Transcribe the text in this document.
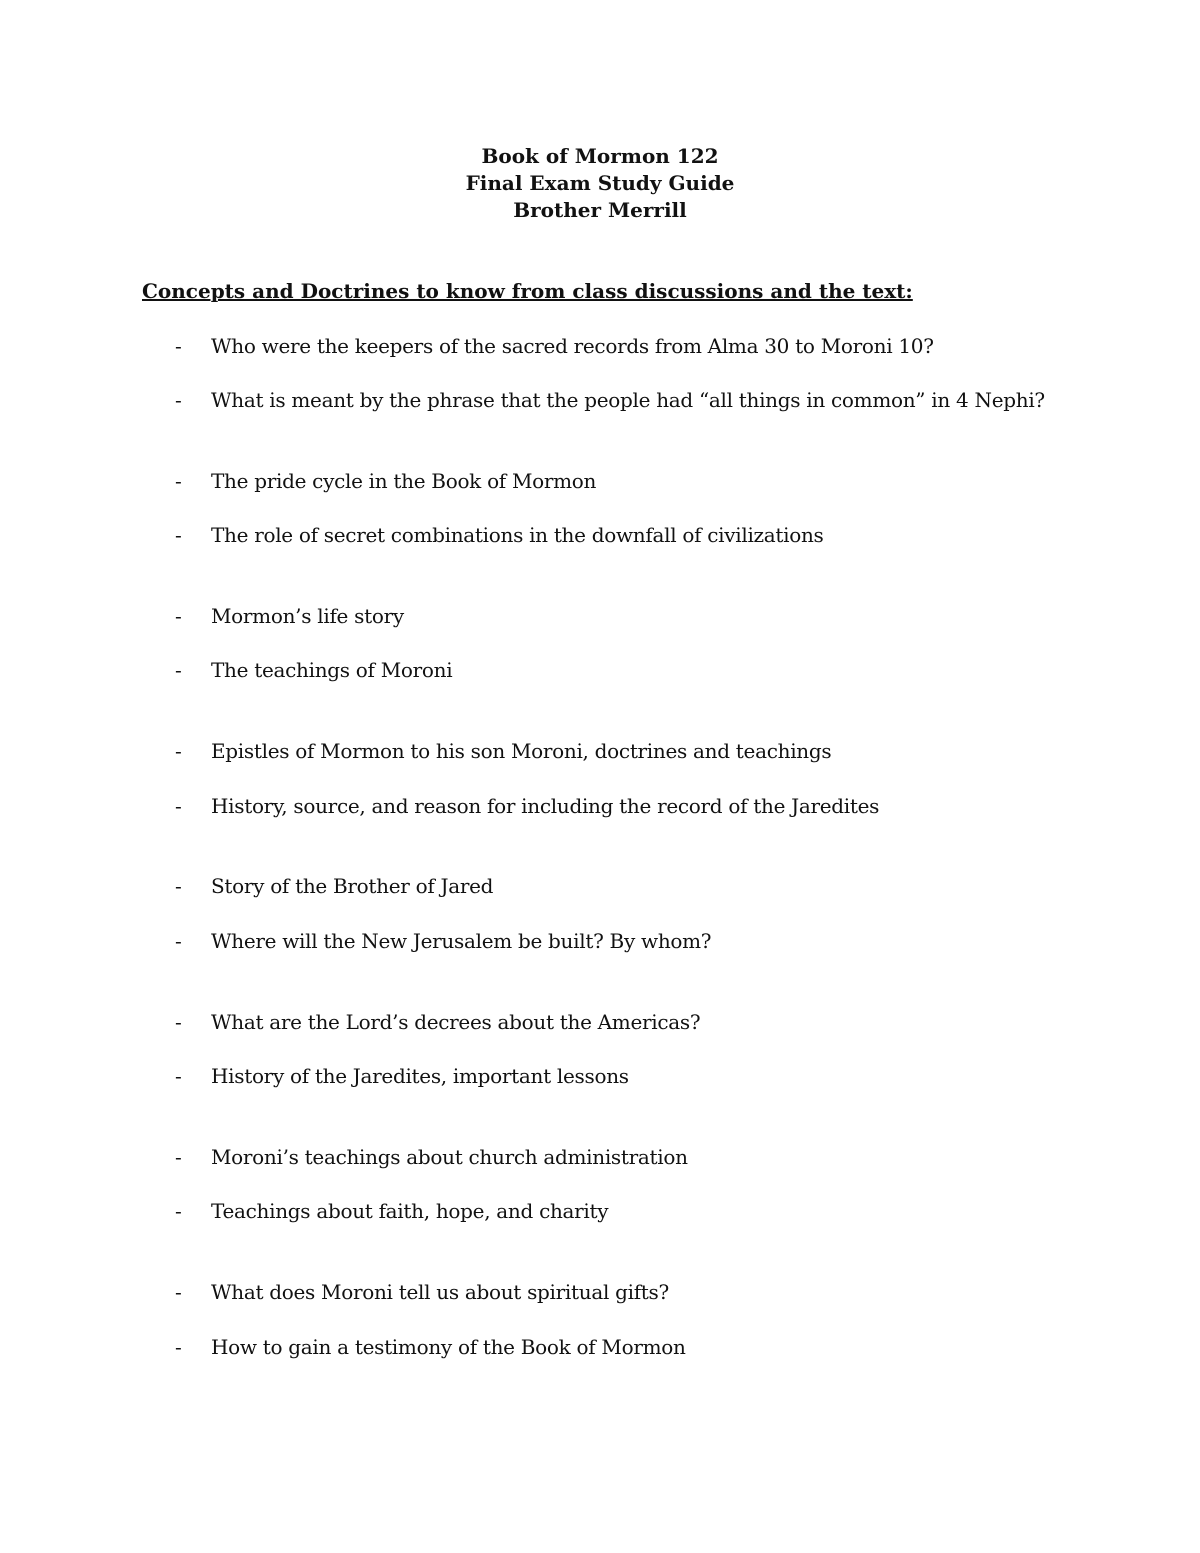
Book of Mormon 122
Final Exam Study Guide
Brother Merrill
Concepts and Doctrines to know from class discussions and the text:
- Who were the keepers of the sacred records from Alma 30 to Moroni 10?
- What is meant by the phrase that the people had “all things in common” in 4 Nephi?
- The pride cycle in the Book of Mormon
- The role of secret combinations in the downfall of civilizations
- Mormon’s life story
- The teachings of Moroni
- Epistles of Mormon to his son Moroni, doctrines and teachings
- History, source, and reason for including the record of the Jaredites
- Story of the Brother of Jared
- Where will the New Jerusalem be built? By whom?
- What are the Lord’s decrees about the Americas?
- History of the Jaredites, important lessons
- Moroni’s teachings about church administration
- Teachings about faith, hope, and charity
- What does Moroni tell us about spiritual gifts?
- How to gain a testimony of the Book of Mormon
